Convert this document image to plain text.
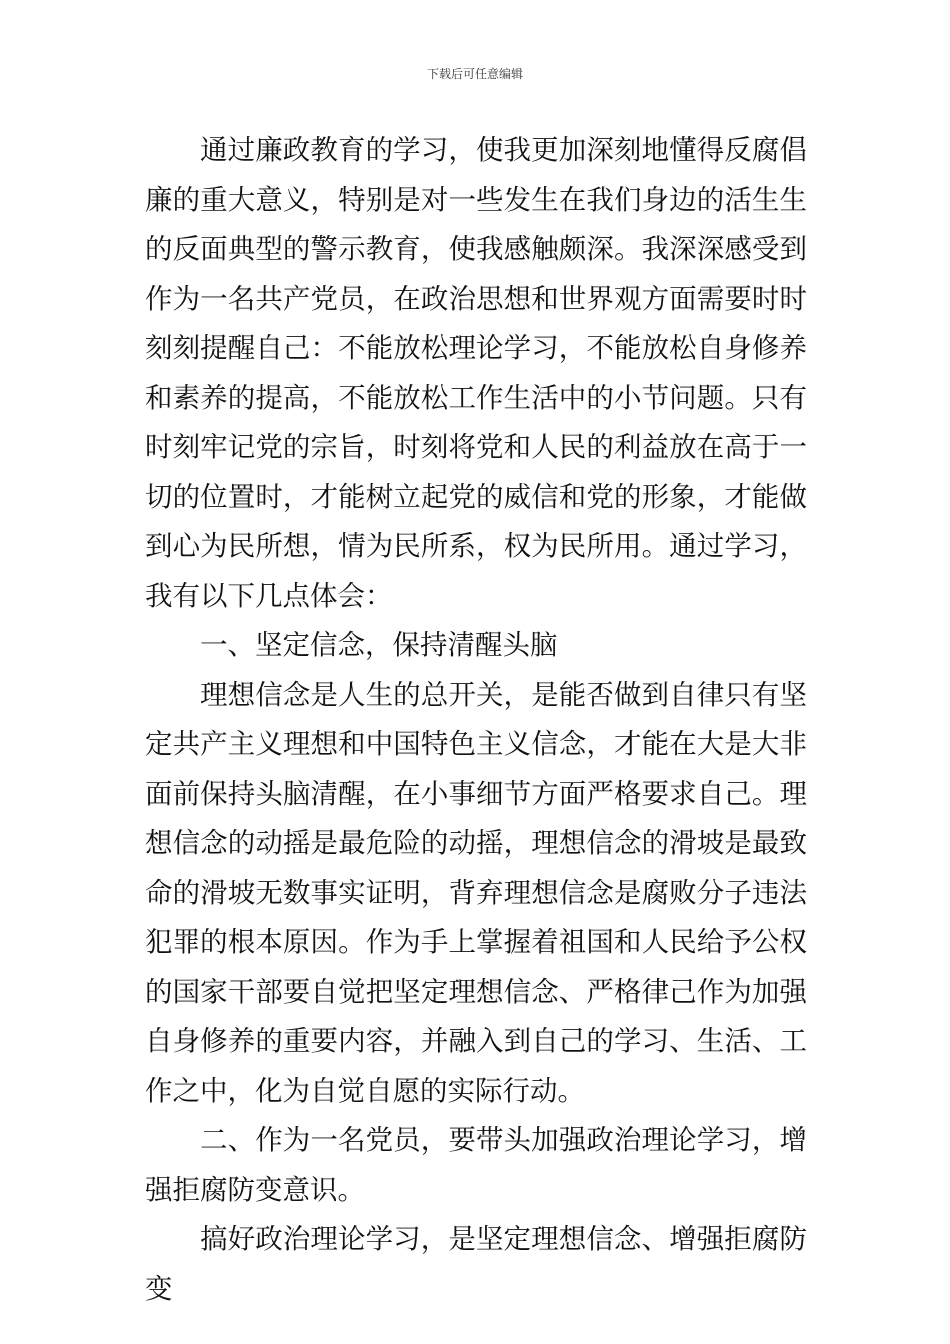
下载后可任意编辑

通过廉政教育的学习，使我更加深刻地懂得反腐倡廉的重大意义，特别是对一些发生在我们身边的活生生的反面典型的警示教育，使我感触颇深。我深深感受到作为一名共产党员，在政治思想和世界观方面需要时时刻刻提醒自己：不能放松理论学习，不能放松自身修养和素养的提高，不能放松工作生活中的小节问题。只有时刻牢记党的宗旨，时刻将党和人民的利益放在高于一切的位置时，才能树立起党的威信和党的形象，才能做到心为民所想，情为民所系，权为民所用。通过学习，我有以下几点体会：

一、坚定信念，保持清醒头脑

理想信念是人生的总开关，是能否做到自律只有坚定共产主义理想和中国特色主义信念，才能在大是大非面前保持头脑清醒，在小事细节方面严格要求自己。理想信念的动摇是最危险的动摇，理想信念的滑坡是最致命的滑坡无数事实证明，背弃理想信念是腐败分子违法犯罪的根本原因。作为手上掌握着祖国和人民给予公权的国家干部要自觉把坚定理想信念、严格律己作为加强自身修养的重要内容，并融入到自己的学习、生活、工作之中，化为自觉自愿的实际行动。

二、作为一名党员，要带头加强政治理论学习，增强拒腐防变意识。

搞好政治理论学习，是坚定理想信念、增强拒腐防变
